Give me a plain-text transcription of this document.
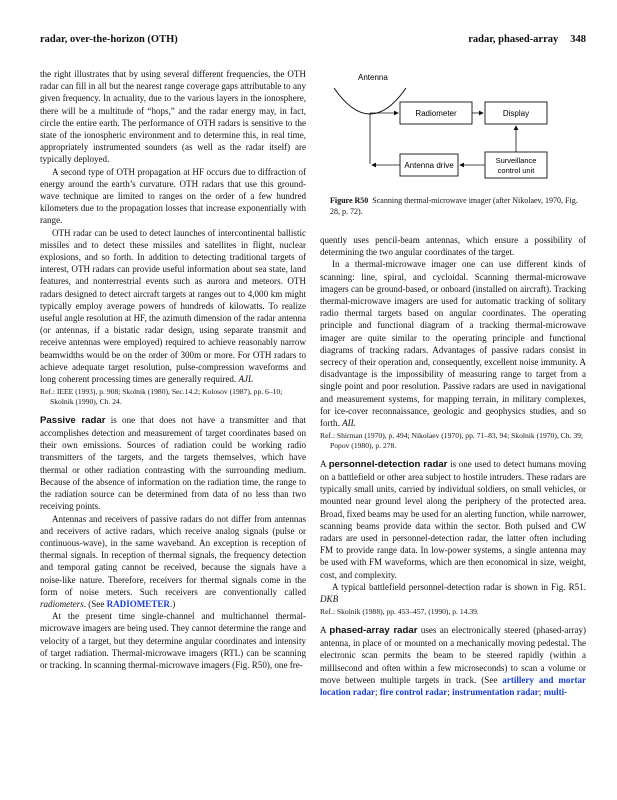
radar, over-the-horizon (OTH)	radar, phased-array 348

the right illustrates that by using several different frequencies, the OTH radar can fill in all but the nearest range coverage gaps attributable to any given frequency. In actuality, due to the various layers in the ionosphere, there will be a multitude of “hops,” and the radar energy may, in fact, circle the entire earth. The performance of OTH radars is sensitive to the state of the ionospheric environment and to determine this, in real time, appropriately instrumented sounders (as well as the radar itself) are typically deployed.

A second type of OTH propagation at HF occurs due to diffraction of energy around the earth’s curvature. OTH radars that use this ground-wave technique are limited to ranges on the order of a few hundred kilometers due to the propagation losses that increase exponentially with range.

OTH radar can be used to detect launches of intercontinental ballistic missiles and to detect these missiles and satellites in flight, nuclear explosions, and so forth. In addition to detecting traditional targets of interest, OTH radars can provide useful information about sea state, land features, and nonterrestrial events such as aurora and meteors. OTH radars designed to detect aircraft targets at ranges out to 4,000 km might typically employ average powers of hundreds of kilowatts. To realize useful angle resolution at HF, the azimuth dimension of the radar antenna (or antennas, if a bistatic radar design, using separate transmit and receive antennas were employed) required to achieve reasonably narrow beamwidths would be on the order of 300m or more. For OTH radars to achieve adequate target resolution, pulse-compression waveforms and long coherent processing times are generally required. AJL

Ref.: IEEE (1993), p. 908; Skolnik (1980), Sec.14.2; Kolosov (1987), pp. 6–10; Skolnik (1990), Ch. 24.

Passive radar is one that does not have a transmitter and that accomplishes detection and measurement of target coordinates based on their own emissions. Sources of radiation could be working radio transmitters of the targets, and the targets themselves, which have thermal or other radiation contrasting with the surrounding medium. Because of the absence of information on the radiation time, the range to the radiation source can be determined from data of no less than two receiving points.

Antennas and receivers of passive radars do not differ from antennas and receivers of active radars, which receive analog signals (pulse or continuous-wave), in the same waveband. An exception is reception of thermal signals. In reception of thermal signals, the frequency detection and temporal gating cannot be received, because the signals have a noise-like nature. Therefore, receivers for thermal signals come in the form of noise meters. Such receivers are conventionally called radiometers. (See RADIOMETER.)

At the present time single-channel and multichannel thermal-microwave imagers are being used. They cannot determine the range and velocity of a target, but they determine angular coordinates and intensity of target radiation. Thermal-microwave imagers (RTL) can be scanning or tracking. In scanning thermal-microwave imagers (Fig. R50), one fre-

Antenna
Radiometer	Display
Antenna drive
Surveillance
control unit
Figure R50 Scanning thermal-microwave imager (after Nikolaev, 1970, Fig. 28, p. 72).

quently uses pencil-beam antennas, which ensure a possibility of determining the two angular coordinates of the target.

In a thermal-microwave imager one can use different kinds of scanning: line, spiral, and cycloidal. Scanning thermal-microwave imagers can be ground-based, or onboard (installed on aircraft). Tracking thermal-microwave imagers are used for automatic tracking of solitary radio thermal targets based on angular coordinates. The operating principle and functional diagram of a tracking thermal-microwave imager are quite similar to the operating principle and functional diagrams of tracking radars. Advantages of passive radars consist in secrecy of their operation and, consequently, excellent noise immunity. A disadvantage is the impossibility of measuring range to target from a single point and poor resolution. Passive radars are used in navigational and measurement systems, for mapping terrain, in military complexes, for ice-cover reconnaissance, geologic and geophysics studies, and so forth. AIL

Ref.: Shirman (1970), p. 494; Nikolaev (1970), pp. 71–83, 94; Skolnik (1970), Ch. 39; Popov (1980), p. 278.

A personnel-detection radar is one used to detect humans moving on a battlefield or other area subject to hostile intruders. These radars are typically small units, carried by individual soldiers, on small vehicles, or mounted near ground level along the periphery of the protected area. Broad, fixed beams may be used for an alerting function, while narrower, scanning beams provide data within the sector. Both pulsed and CW radars are used in personnel-detection radar, the latter often including FM to provide range data. In low-power systems, a single antenna may be used with FM waveforms, which are then economical in size, weight, cost, and complexity.

A typical battlefield personnel-detection radar is shown in Fig. R51. DKB

Ref.: Skolnik (1988), pp. 453–457, (1990), p. 14.39.

A phased-array radar uses an electronically steered (phased-array) antenna, in place of or mounted on a mechanically moving pedestal. The electronic scan permits the beam to be steered rapidly (within a millisecond and often within a few microseconds) to scan a volume or move between multiple targets in track. (See artillery and mortar location radar; fire control radar; instrumentation radar; multi-
